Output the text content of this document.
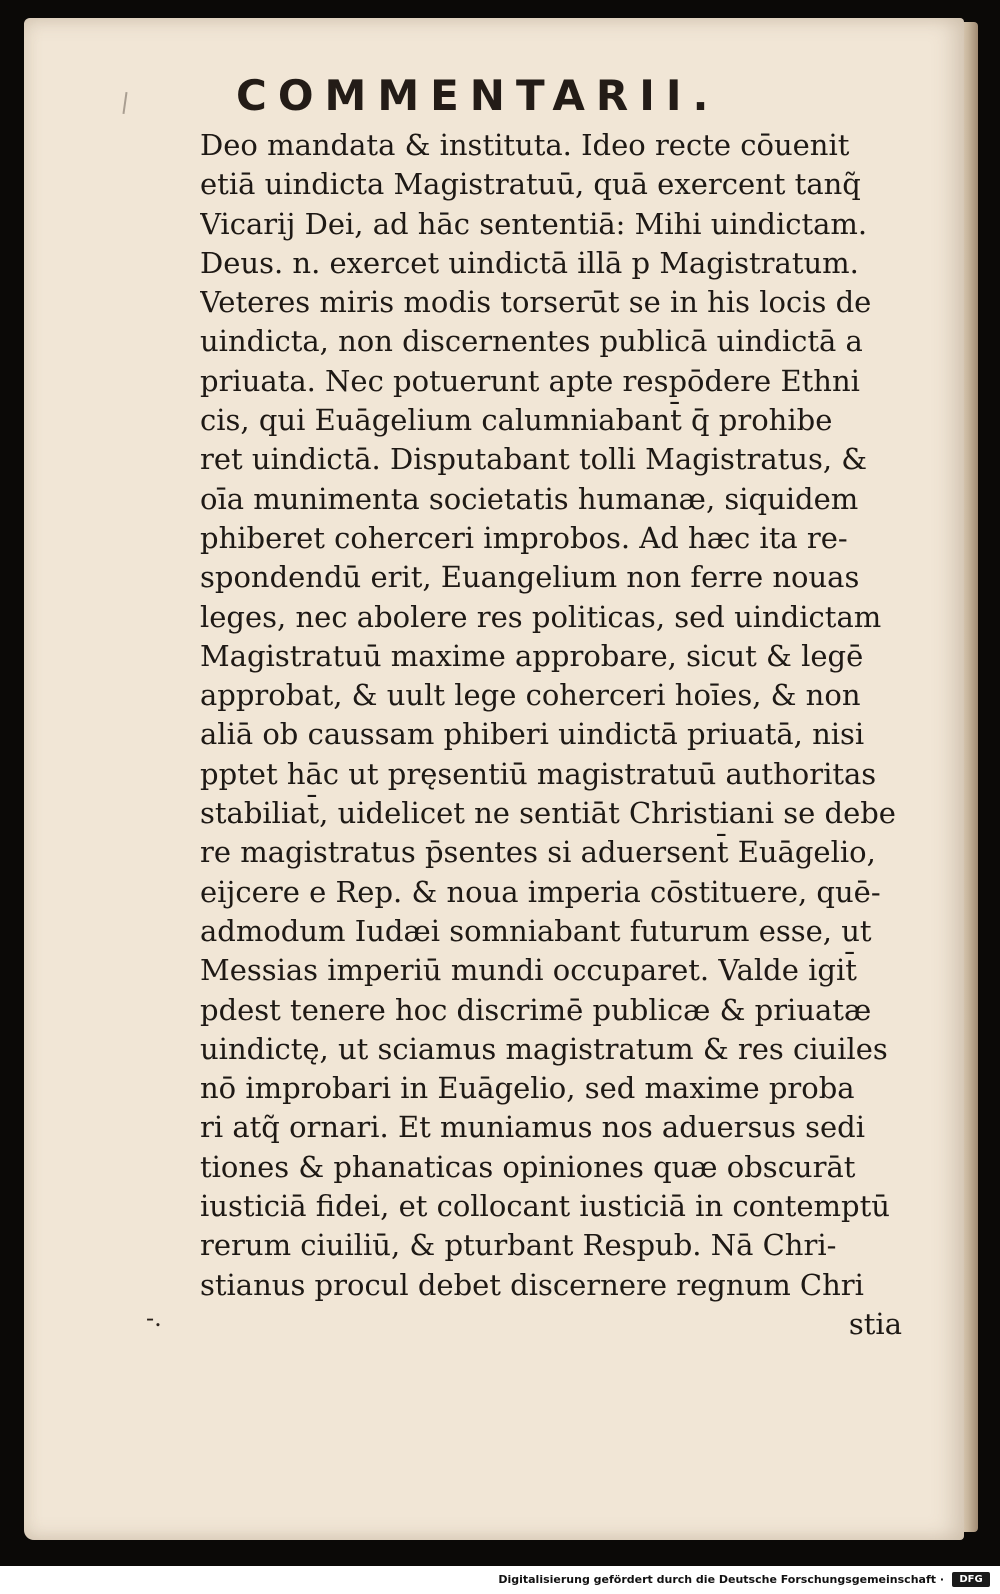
COMMENTARII.
Deo mandata & instituta. Ideo recte cōuenit
etiā uindicta Magistratuū, quā exercent tanq̃
Vicarij Dei, ad hāc sententiā: Mihi uindictam.
Deus. n. exercet uindictā illā p Magistratum.
Veteres miris modis torserūt se in his locis de
uindicta, non discernentes publicā uindictā a
priuata. Nec potuerunt apte respōdere Ethni
cis, qui Euāgelium calumniabant̄ q̄ prohibe
ret uindictā. Disputabant tolli Magistratus, &
oīa munimenta societatis humanæ, siquidem
phiberet coherceri improbos. Ad hæc ita re-
spondendū erit, Euangelium non ferre nouas
leges, nec abolere res politicas, sed uindictam
Magistratuū maxime approbare, sicut & legē
approbat, & uult lege coherceri hoīes, & non
aliā ob caussam phiberi uindictā priuatā, nisi
pptet hāc ut pręsentiū magistratuū authoritas
stabiliat̄, uidelicet ne sentiāt Christiani se debe
re magistratus p̄sentes si aduersent̄ Euāgelio,
eijcere e Rep. & noua imperia cōstituere, quē-
admodum Iudæi somniabant futurum esse, ut
Messias imperiū mundi occuparet. Valde igit̄
pdest tenere hoc discrimē publicæ & priuatæ
uindictę, ut sciamus magistratum & res ciuiles
nō improbari in Euāgelio, sed maxime proba
ri atq̃ ornari. Et muniamus nos aduersus sedi
tiones & phanaticas opiniones quæ obscurāt
iusticiā fidei, et collocant iusticiā in contemptū
rerum ciuiliū, & pturbant Respub. Nā Chri-
stianus procul debet discernere regnum Chri
stia
-.
Digitalisierung gefördert durch die Deutsche Forschungsgemeinschaft ·	DFG
